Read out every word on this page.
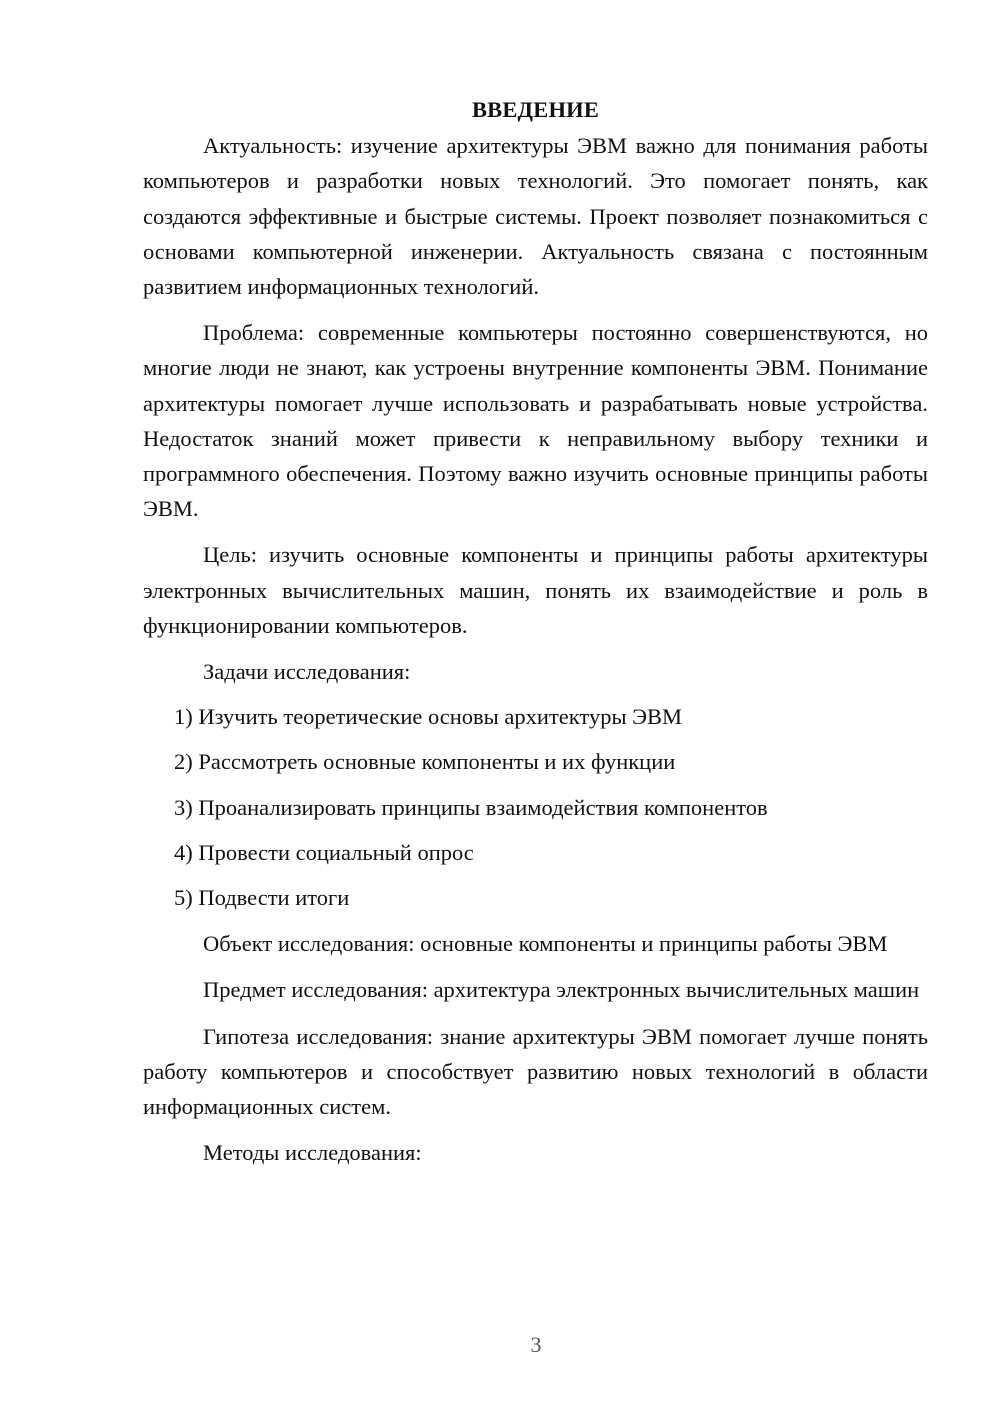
ВВЕДЕНИЕ

Актуальность: изучение архитектуры ЭВМ важно для понимания работы компьютеров и разработки новых технологий. Это помогает понять, как создаются эффективные и быстрые системы. Проект позволяет познакомиться с основами компьютерной инженерии. Актуальность связана с постоянным развитием информационных технологий.

Проблема: современные компьютеры постоянно совершенствуются, но многие люди не знают, как устроены внутренние компоненты ЭВМ. Понимание архитектуры помогает лучше использовать и разрабатывать новые устройства. Недостаток знаний может привести к неправильному выбору техники и программного обеспечения. Поэтому важно изучить основные принципы работы ЭВМ.

Цель: изучить основные компоненты и принципы работы архитектуры электронных вычислительных машин, понять их взаимодействие и роль в функционировании компьютеров.

Задачи исследования:

1) Изучить теоретические основы архитектуры ЭВМ
2) Рассмотреть основные компоненты и их функции
3) Проанализировать принципы взаимодействия компонентов
4) Провести социальный опрос
5) Подвести итоги

Объект исследования: основные компоненты и принципы работы ЭВМ

Предмет исследования: архитектура электронных вычислительных машин

Гипотеза исследования: знание архитектуры ЭВМ помогает лучше понять работу компьютеров и способствует развитию новых технологий в области информационных систем.

Методы исследования:

3
